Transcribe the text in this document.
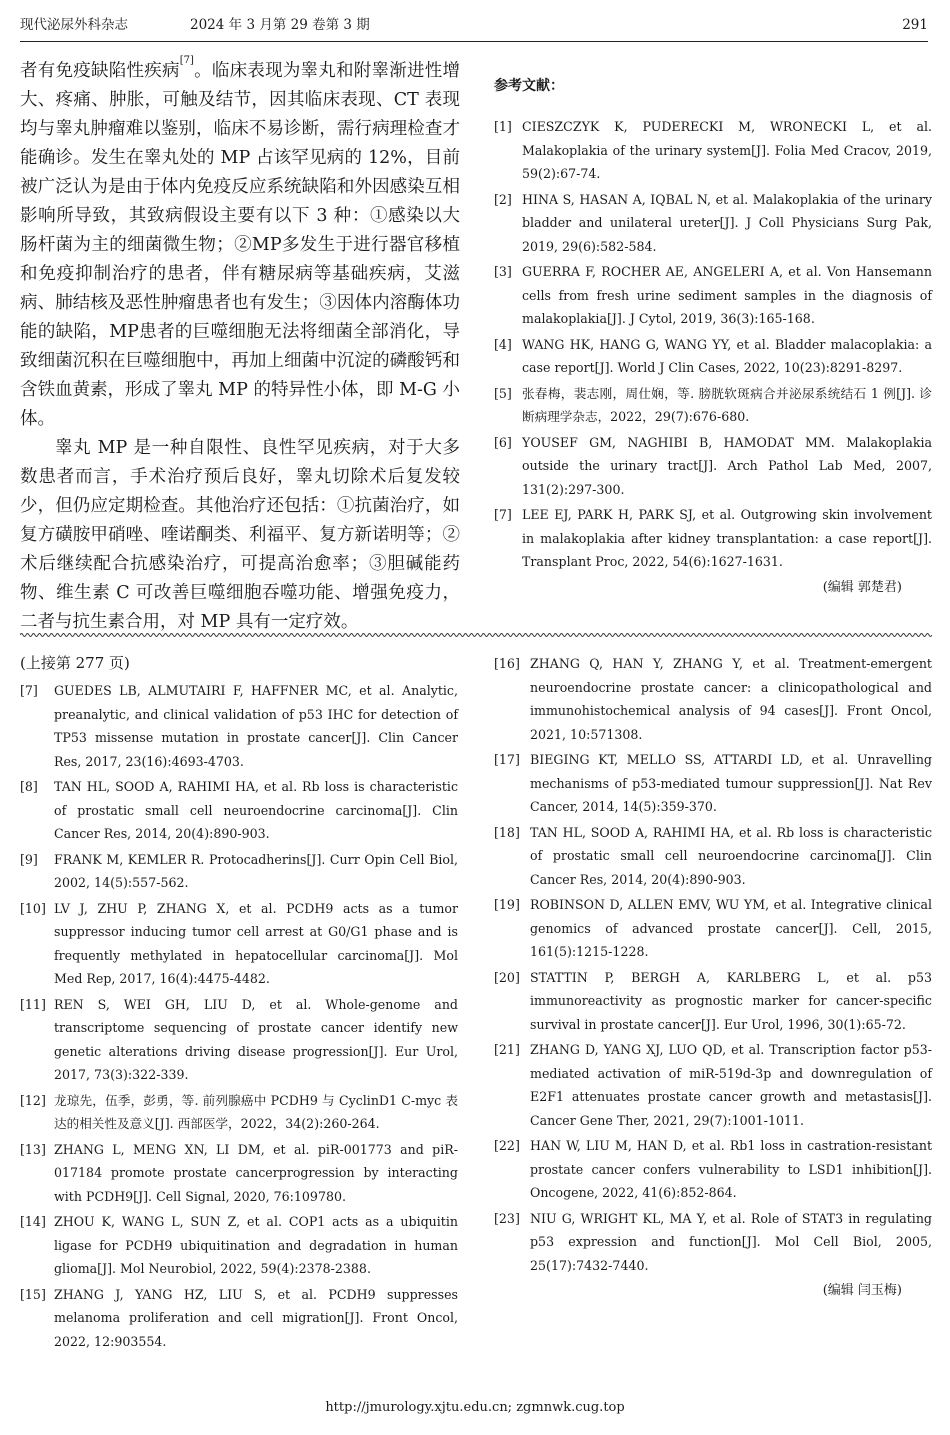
现代泌尿外科杂志	2024 年 3 月第 29 卷第 3 期	291

者有免疫缺陷性疾病[7]。临床表现为睾丸和附睾渐进性增大、疼痛、肿胀，可触及结节，因其临床表现、CT 表现均与睾丸肿瘤难以鉴别，临床不易诊断，需行病理检查才能确诊。发生在睾丸处的 MP 占该罕见病的 12%，目前被广泛认为是由于体内免疫反应系统缺陷和外因感染互相影响所导致，其致病假设主要有以下 3 种：①感染以大肠杆菌为主的细菌微生物；②MP多发生于进行器官移植和免疫抑制治疗的患者，伴有糖尿病等基础疾病，艾滋病、肺结核及恶性肿瘤患者也有发生；③因体内溶酶体功能的缺陷，MP患者的巨噬细胞无法将细菌全部消化，导致细菌沉积在巨噬细胞中，再加上细菌中沉淀的磷酸钙和含铁血黄素，形成了睾丸 MP 的特异性小体，即 M-G 小体。

睾丸 MP 是一种自限性、良性罕见疾病，对于大多数患者而言，手术治疗预后良好，睾丸切除术后复发较少，但仍应定期检查。其他治疗还包括：①抗菌治疗，如复方磺胺甲硝唑、喹诺酮类、利福平、复方新诺明等；②术后继续配合抗感染治疗，可提高治愈率；③胆碱能药物、维生素 C 可改善巨噬细胞吞噬功能、增强免疫力，二者与抗生素合用，对 MP 具有一定疗效。

参考文献：
[1] CIESZCZYK K, PUDERECKI M, WRONECKI L, et al. Malakoplakia of the urinary system[J]. Folia Med Cracov, 2019, 59(2):67-74.
[2] HINA S, HASAN A, IQBAL N, et al. Malakoplakia of the urinary bladder and unilateral ureter[J]. J Coll Physicians Surg Pak, 2019, 29(6):582-584.
[3] GUERRA F, ROCHER AE, ANGELERI A, et al. Von Hansemann cells from fresh urine sediment samples in the diagnosis of malakoplakia[J]. J Cytol, 2019, 36(3):165-168.
[4] WANG HK, HANG G, WANG YY, et al. Bladder malacoplakia: a case report[J]. World J Clin Cases, 2022, 10(23):8291-8297.
[5] 张春梅，裴志刚，周仕娴，等. 膀胱软斑病合并泌尿系统结石 1 例[J]. 诊断病理学杂志，2022，29(7):676-680.
[6] YOUSEF GM, NAGHIBI B, HAMODAT MM. Malakoplakia outside the urinary tract[J]. Arch Pathol Lab Med, 2007, 131(2):297-300.
[7] LEE EJ, PARK H, PARK SJ, et al. Outgrowing skin involvement in malakoplakia after kidney transplantation: a case report[J]. Transplant Proc, 2022, 54(6):1627-1631.
(编辑 郭楚君)
(上接第 277 页)
[7] GUEDES LB, ALMUTAIRI F, HAFFNER MC, et al. Analytic, preanalytic, and clinical validation of p53 IHC for detection of TP53 missense mutation in prostate cancer[J]. Clin Cancer Res, 2017, 23(16):4693-4703.
[8] TAN HL, SOOD A, RAHIMI HA, et al. Rb loss is characteristic of prostatic small cell neuroendocrine carcinoma[J]. Clin Cancer Res, 2014, 20(4):890-903.
[9] FRANK M, KEMLER R. Protocadherins[J]. Curr Opin Cell Biol, 2002, 14(5):557-562.
[10] LV J, ZHU P, ZHANG X, et al. PCDH9 acts as a tumor suppressor inducing tumor cell arrest at G0/G1 phase and is frequently methylated in hepatocellular carcinoma[J]. Mol Med Rep, 2017, 16(4):4475-4482.
[11] REN S, WEI GH, LIU D, et al. Whole-genome and transcriptome sequencing of prostate cancer identify new genetic alterations driving disease progression[J]. Eur Urol, 2017, 73(3):322-339.
[12] 龙琼先，伍季，彭勇，等. 前列腺癌中 PCDH9 与 CyclinD1 C-myc 表达的相关性及意义[J]. 西部医学，2022，34(2):260-264.
[13] ZHANG L, MENG XN, LI DM, et al. piR-001773 and piR-017184 promote prostate cancerprogression by interacting with PCDH9[J]. Cell Signal, 2020, 76:109780.
[14] ZHOU K, WANG L, SUN Z, et al. COP1 acts as a ubiquitin ligase for PCDH9 ubiquitination and degradation in human glioma[J]. Mol Neurobiol, 2022, 59(4):2378-2388.
[15] ZHANG J, YANG HZ, LIU S, et al. PCDH9 suppresses melanoma proliferation and cell migration[J]. Front Oncol, 2022, 12:903554.
[16] ZHANG Q, HAN Y, ZHANG Y, et al. Treatment-emergent neuroendocrine prostate cancer: a clinicopathological and immunohistochemical analysis of 94 cases[J]. Front Oncol, 2021, 10:571308.
[17] BIEGING KT, MELLO SS, ATTARDI LD, et al. Unravelling mechanisms of p53-mediated tumour suppression[J]. Nat Rev Cancer, 2014, 14(5):359-370.
[18] TAN HL, SOOD A, RAHIMI HA, et al. Rb loss is characteristic of prostatic small cell neuroendocrine carcinoma[J]. Clin Cancer Res, 2014, 20(4):890-903.
[19] ROBINSON D, ALLEN EMV, WU YM, et al. Integrative clinical genomics of advanced prostate cancer[J]. Cell, 2015, 161(5):1215-1228.
[20] STATTIN P, BERGH A, KARLBERG L, et al. p53 immunoreactivity as prognostic marker for cancer-specific survival in prostate cancer[J]. Eur Urol, 1996, 30(1):65-72.
[21] ZHANG D, YANG XJ, LUO QD, et al. Transcription factor p53-mediated activation of miR-519d-3p and downregulation of E2F1 attenuates prostate cancer growth and metastasis[J]. Cancer Gene Ther, 2021, 29(7):1001-1011.
[22] HAN W, LIU M, HAN D, et al. Rb1 loss in castration-resistant prostate cancer confers vulnerability to LSD1 inhibition[J]. Oncogene, 2022, 41(6):852-864.
[23] NIU G, WRIGHT KL, MA Y, et al. Role of STAT3 in regulating p53 expression and function[J]. Mol Cell Biol, 2005, 25(17):7432-7440.
(编辑 闫玉梅)
http://jmurology.xjtu.edu.cn; zgmnwk.cug.top
